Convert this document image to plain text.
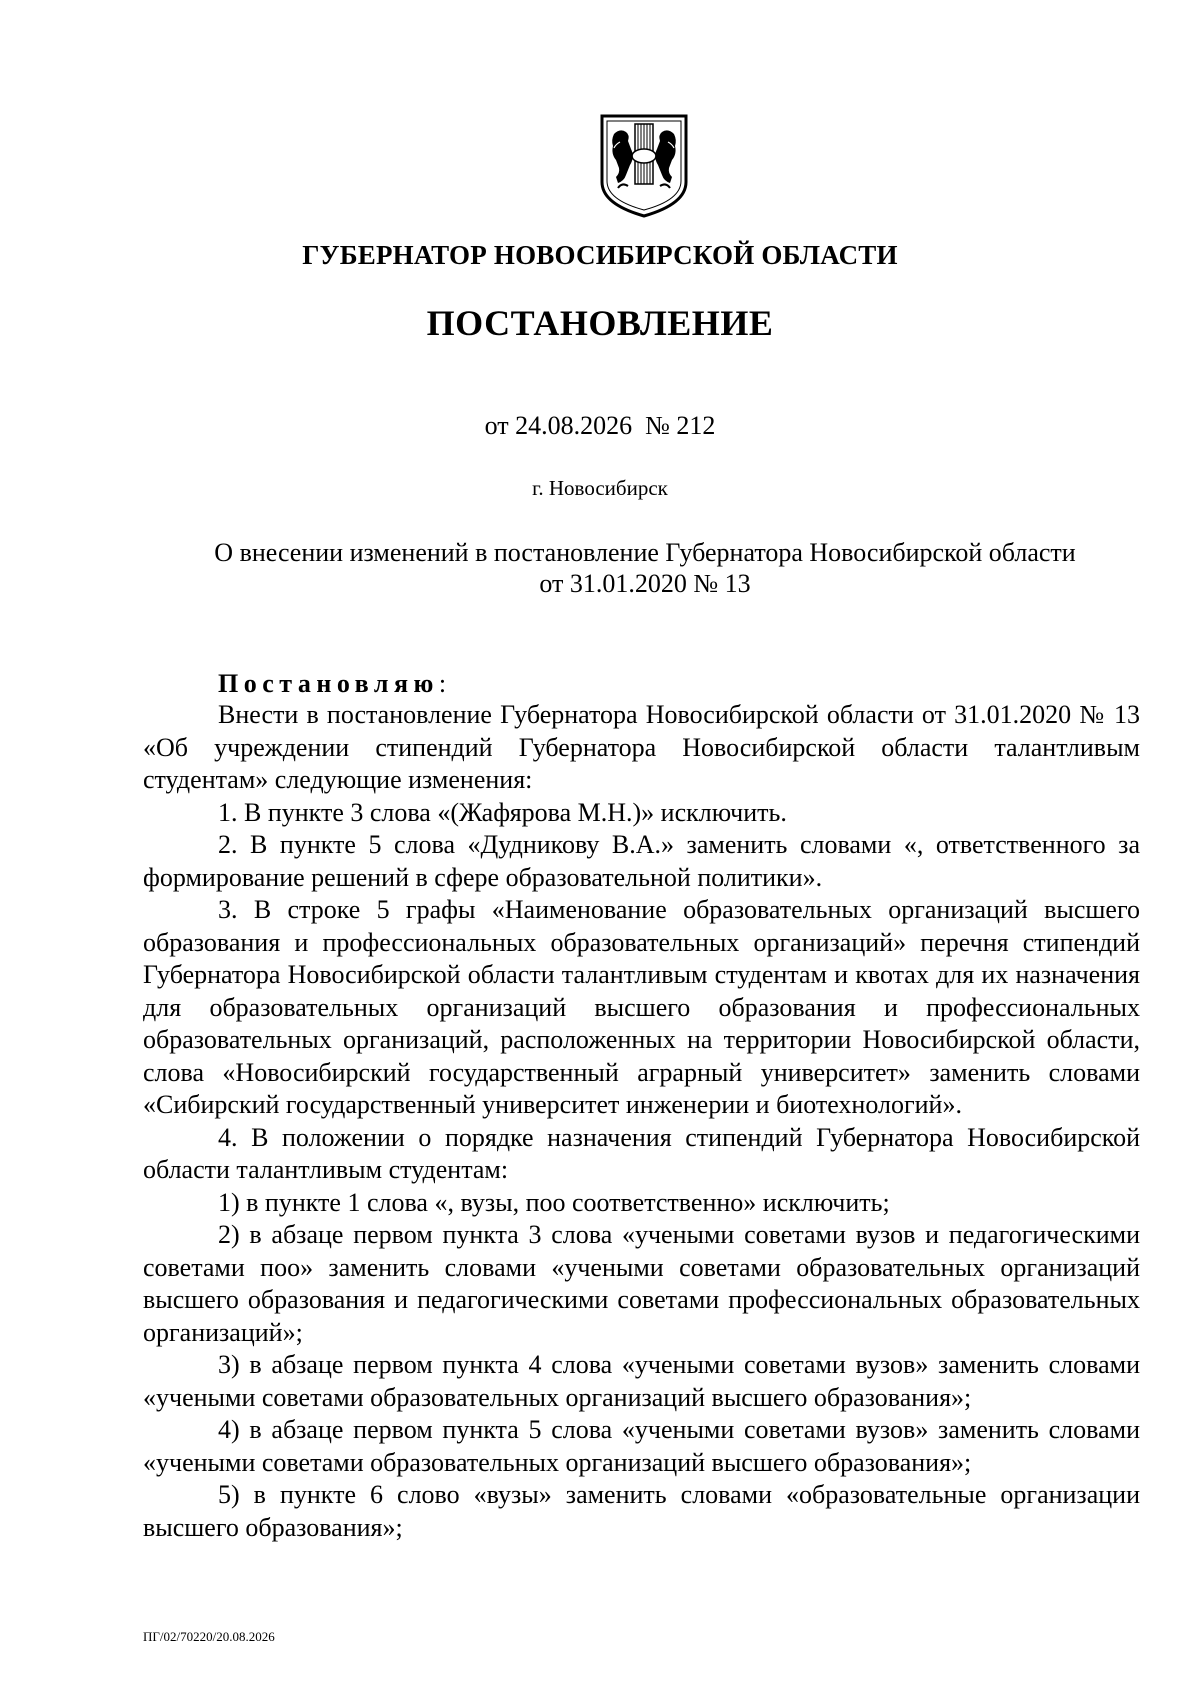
ГУБЕРНАТОР НОВОСИБИРСКОЙ ОБЛАСТИ
ПОСТАНОВЛЕНИЕ
от 24.08.2026  № 212
г. Новосибирск
О внесении изменений в постановление Губернатора Новосибирской области
от 31.01.2020 № 13
Постановляю:

Внести в постановление Губернатора Новосибирской области от 31.01.2020 № 13 «Об учреждении стипендий Губернатора Новосибирской области талантливым студентам» следующие изменения:

1. В пункте 3 слова «(Жафярова М.Н.)» исключить.

2. В пункте 5 слова «Дудникову В.А.» заменить словами «, ответственного за формирование решений в сфере образовательной политики».

3. В строке 5 графы «Наименование образовательных организаций высшего образования и профессиональных образовательных организаций» перечня стипендий Губернатора Новосибирской области талантливым студентам и квотах для их назначения для образовательных организаций высшего образования и профессиональных образовательных организаций, расположенных на территории Новосибирской области, слова «Новосибирский государственный аграрный университет» заменить словами «Сибирский государственный университет инженерии и биотехнологий».

4. В положении о порядке назначения стипендий Губернатора Новосибирской области талантливым студентам:

1) в пункте 1 слова «, вузы, поо соответственно» исключить;

2) в абзаце первом пункта 3 слова «учеными советами вузов и педагогическими советами поо» заменить словами «учеными советами образовательных организаций высшего образования и педагогическими советами профессиональных образовательных организаций»;

3) в абзаце первом пункта 4 слова «учеными советами вузов» заменить словами «учеными советами образовательных организаций высшего образования»;

4) в абзаце первом пункта 5 слова «учеными советами вузов» заменить словами «учеными советами образовательных организаций высшего образования»;

5) в пункте 6 слово «вузы» заменить словами «образовательные организации высшего образования»;

ПГ/02/70220/20.08.2026
